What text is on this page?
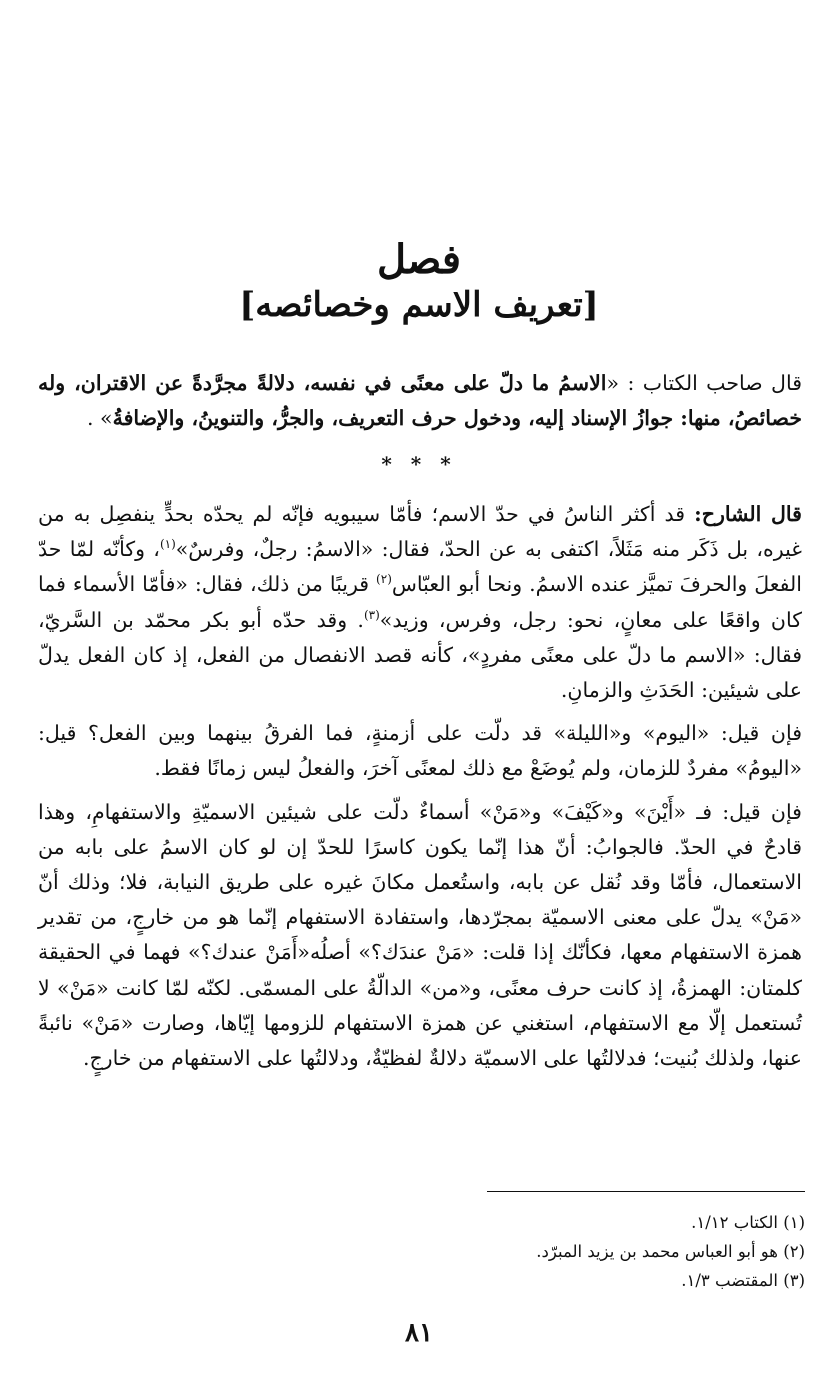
فصل
[تعريف الاسم وخصائصه]
قال صاحب الكتاب : «الاسمُ ما دلّ على معنًى في نفسه، دلالةً مجرَّدةً عن الاقتران، وله خصائصُ، منها: جوازُ الإسناد إليه، ودخول حرف التعريف، والجرُّ، والتنوينُ، والإضافةُ» .
* * *

قال الشارح: قد أكثر الناسُ في حدّ الاسم؛ فأمّا سيبويه فإنّه لم يحدّه بحدٍّ ينفصِل به من غيره، بل ذَكَر منه مَثَلاً، اكتفى به عن الحدّ، فقال: «الاسمُ: رجلٌ، وفرسٌ»$^{(١)}$، وكأنّه لمّا حدّ الفعلَ والحرفَ تميَّز عنده الاسمُ. ونحا أبو العبّاس$^{(٢)}$ قريبًا من ذلك، فقال: «فأمّا الأسماء فما كان واقعًا على معانٍ، نحو: رجل، وفرس، وزيد»$^{(٣)}$. وقد حدّه أبو بكر محمّد بن السَّريّ، فقال: «الاسم ما دلّ على معنًى مفردٍ»، كأنه قصد الانفصال من الفعل، إذ كان الفعل يدلّ على شيئين: الحَدَثِ والزمانِ.

فإن قيل: «اليوم» و«الليلة» قد دلّت على أزمنةٍ، فما الفرقُ بينهما وبين الفعل؟ قيل: «اليومُ» مفردٌ للزمان، ولم يُوضَعْ مع ذلك لمعنًى آخرَ، والفعلُ ليس زمانًا فقط.

فإن قيل: فـ «أَيْنَ» و«كَيْفَ» و«مَنْ» أسماءٌ دلّت على شيئين الاسميّةِ والاستفهامِ، وهذا قادحٌ في الحدّ. فالجوابُ: أنّ هذا إنّما يكون كاسرًا للحدّ إن لو كان الاسمُ على بابه من الاستعمال، فأمّا وقد نُقل عن بابه، واستُعمل مكانَ غيره على طريق النيابة، فلا؛ وذلك أنّ «مَنْ» يدلّ على معنى الاسميّة بمجرّدها، واستفادة الاستفهام إنّما هو من خارجٍ، من تقدير همزة الاستفهام معها، فكأنّك إذا قلت: «مَنْ عندَك؟» أصلُه«أَمَنْ عندك؟» فهما في الحقيقة كلمتان: الهمزةُ، إذ كانت حرف معنًى، و«من» الدالّةُ على المسمّى. لكنّه لمّا كانت «مَنْ» لا تُستعمل إلّا مع الاستفهام، استغني عن همزة الاستفهام للزومها إيّاها، وصارت «مَنْ» نائبةً عنها، ولذلك بُنيت؛ فدلالتُها على الاسميّة دلالةٌ لفظيّةٌ، ودلالتُها على الاستفهام من خارجٍ.

(١) الكتاب ١/١٢.
(٢) هو أبو العباس محمد بن يزيد المبرّد.
(٣) المقتضب ١/٣.
٨١
